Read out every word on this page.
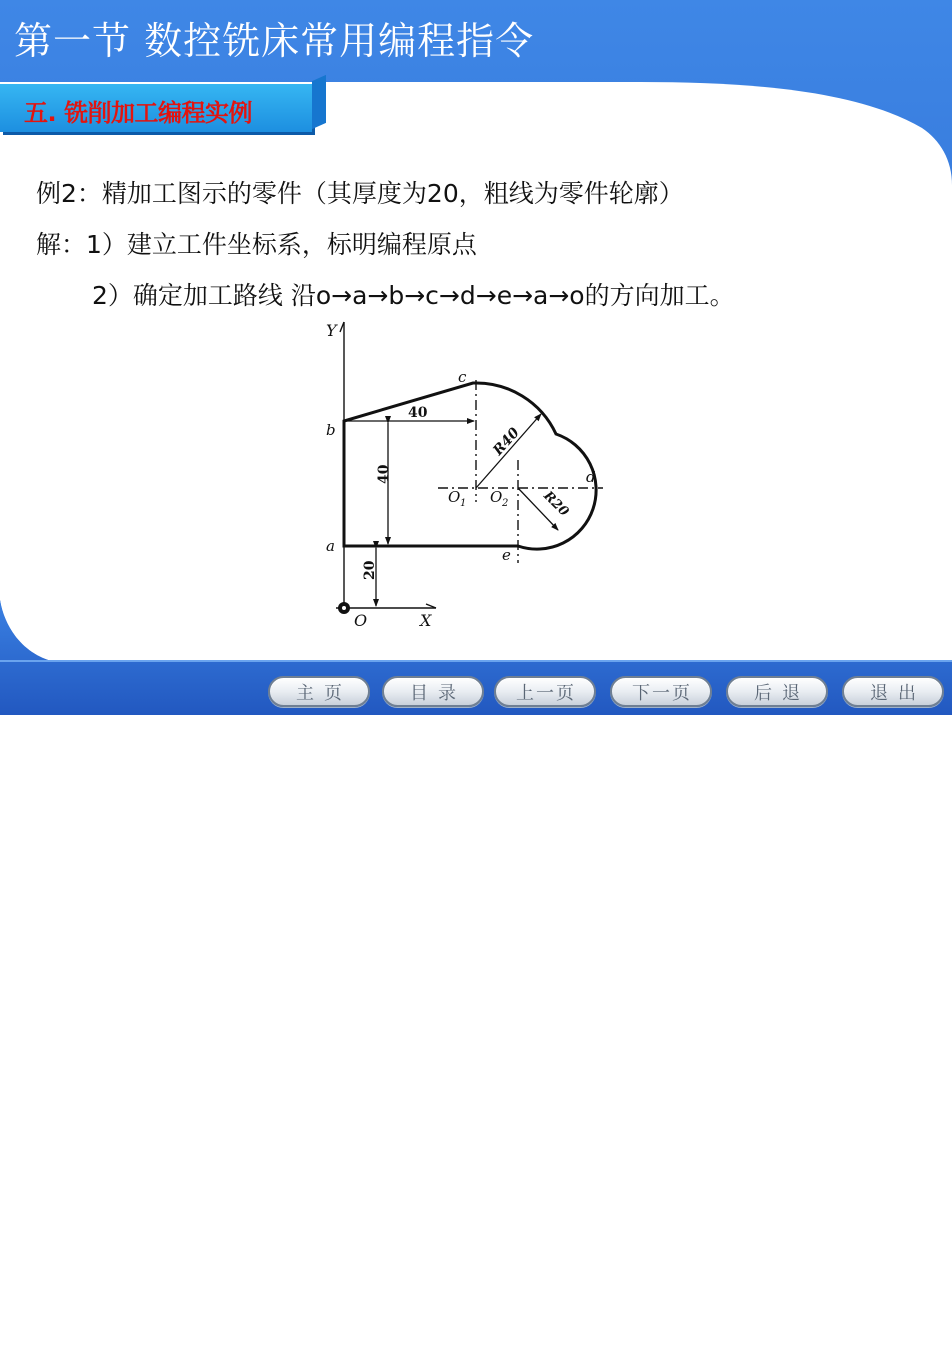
第一节 数控铣床常用编程指令
五. 铣削加工编程实例
例2：精加工图示的零件（其厚度为20，粗线为零件轮廓）
解：1）建立工件坐标系，标明编程原点
2）确定加工路线 沿o→a→b→c→d→e→a→o的方向加工。
Y
X
O
a
b
c
d
e
O 1 O 2
40
40
20
R40
R20
主页	目录	上一页	下一页	后退	退出
